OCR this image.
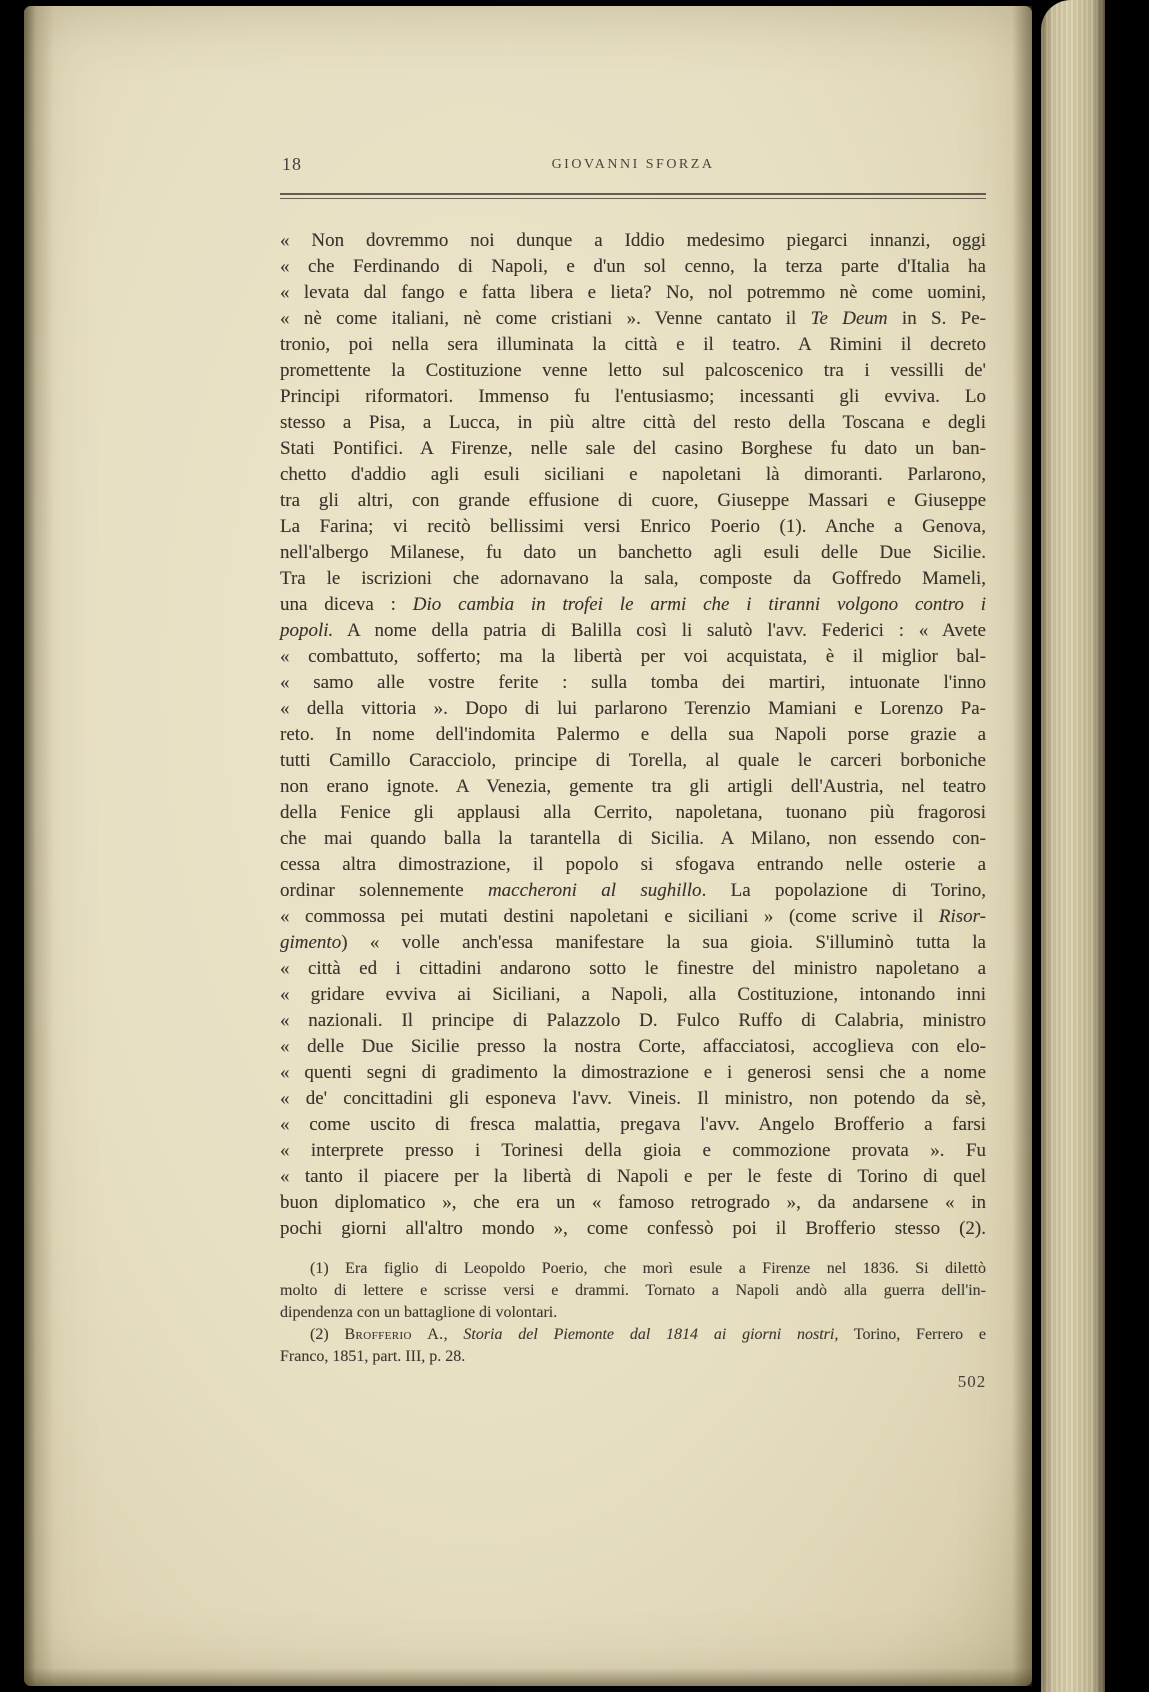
18	GIOVANNI SFORZA
« Non dovremmo noi dunque a Iddio medesimo piegarci innanzi, oggi
« che Ferdinando di Napoli, e d'un sol cenno, la terza parte d'Italia ha
« levata dal fango e fatta libera e lieta? No, nol potremmo nè come uomini,
« nè come italiani, nè come cristiani ». Venne cantato il Te Deum in S. Pe-
tronio, poi nella sera illuminata la città e il teatro. A Rimini il decreto
promettente la Costituzione venne letto sul palcoscenico tra i vessilli de'
Principi riformatori. Immenso fu l'entusiasmo; incessanti gli evviva. Lo
stesso a Pisa, a Lucca, in più altre città del resto della Toscana e degli
Stati Pontifici. A Firenze, nelle sale del casino Borghese fu dato un ban-
chetto d'addio agli esuli siciliani e napoletani là dimoranti. Parlarono,
tra gli altri, con grande effusione di cuore, Giuseppe Massari e Giuseppe
La Farina; vi recitò bellissimi versi Enrico Poerio (1). Anche a Genova,
nell'albergo Milanese, fu dato un banchetto agli esuli delle Due Sicilie.
Tra le iscrizioni che adornavano la sala, composte da Goffredo Mameli,
una diceva : Dio cambia in trofei le armi che i tiranni volgono contro i
popoli. A nome della patria di Balilla così li salutò l'avv. Federici : « Avete
« combattuto, sofferto; ma la libertà per voi acquistata, è il miglior bal-
« samo alle vostre ferite : sulla tomba dei martiri, intuonate l'inno
« della vittoria ». Dopo di lui parlarono Terenzio Mamiani e Lorenzo Pa-
reto. In nome dell'indomita Palermo e della sua Napoli porse grazie a
tutti Camillo Caracciolo, principe di Torella, al quale le carceri borboniche
non erano ignote. A Venezia, gemente tra gli artigli dell'Austria, nel teatro
della Fenice gli applausi alla Cerrito, napoletana, tuonano più fragorosi
che mai quando balla la tarantella di Sicilia. A Milano, non essendo con-
cessa altra dimostrazione, il popolo si sfogava entrando nelle osterie a
ordinar solennemente maccheroni al sughillo. La popolazione di Torino,
« commossa pei mutati destini napoletani e siciliani » (come scrive il Risor-
gimento) « volle anch'essa manifestare la sua gioia. S'illuminò tutta la
« città ed i cittadini andarono sotto le finestre del ministro napoletano a
« gridare evviva ai Siciliani, a Napoli, alla Costituzione, intonando inni
« nazionali. Il principe di Palazzolo D. Fulco Ruffo di Calabria, ministro
« delle Due Sicilie presso la nostra Corte, affacciatosi, accoglieva con elo-
« quenti segni di gradimento la dimostrazione e i generosi sensi che a nome
« de' concittadini gli esponeva l'avv. Vineis. Il ministro, non potendo da sè,
« come uscito di fresca malattia, pregava l'avv. Angelo Brofferio a farsi
« interprete presso i Torinesi della gioia e commozione provata ». Fu
« tanto il piacere per la libertà di Napoli e per le feste di Torino di quel
buon diplomatico », che era un « famoso retrogrado », da andarsene « in
pochi giorni all'altro mondo », come confessò poi il Brofferio stesso (2).
(1) Era figlio di Leopoldo Poerio, che morì esule a Firenze nel 1836. Si dilettò
molto di lettere e scrisse versi e drammi. Tornato a Napoli andò alla guerra dell'in-
dipendenza con un battaglione di volontari.
(2) Brofferio A., Storia del Piemonte dal 1814 ai giorni nostri, Torino, Ferrero e
Franco, 1851, part. III, p. 28.
502
